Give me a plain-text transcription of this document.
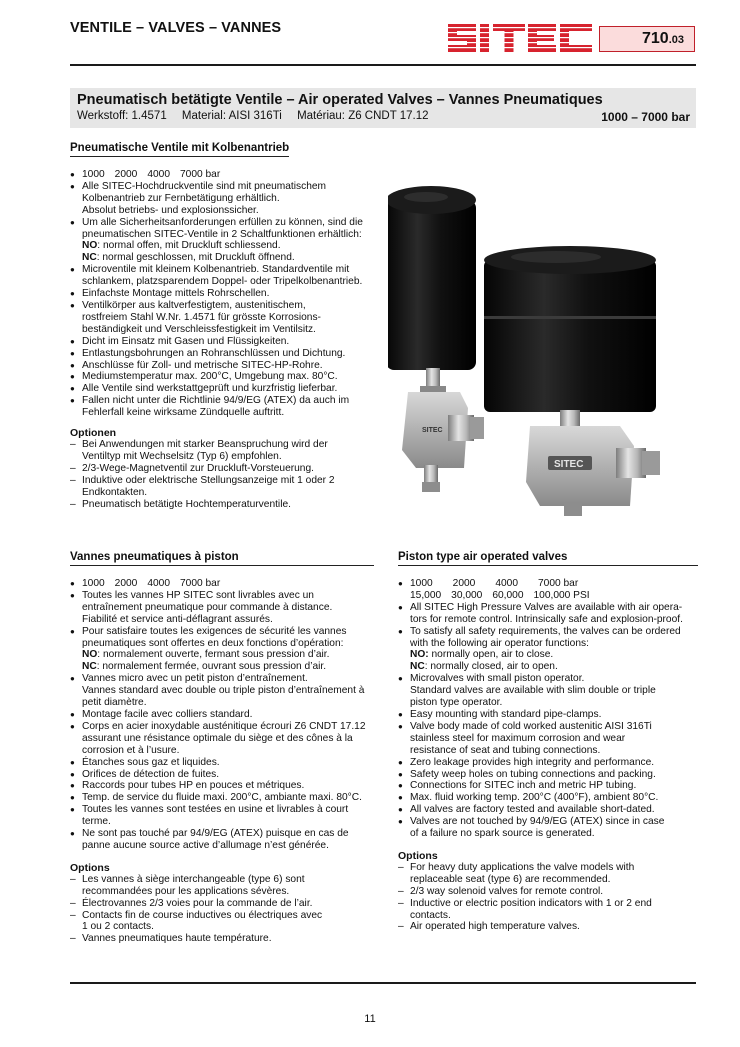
VENTILE – VALVES – VANNES
710.03
Pneumatisch betätigte Ventile – Air operated Valves – Vannes Pneumatiques
Werkstoff: 1.4571 Material: AISI 316Ti Matériau: Z6 CNDT 17.12	1000 – 7000 bar
Pneumatische Ventile mit Kolbenantrieb
● 1000 2000 4000 7000 bar
● Alle SITEC-Hochdruckventile sind mit pneumatischem
Kolbenantrieb zur Fernbetätigung erhältlich.
Absolut betriebs- und explosionssicher.
● Um alle Sicherheitsanforderungen erfüllen zu können, sind die
pneumatischen SITEC-Ventile in 2 Schaltfunktionen erhältlich:
NO: normal offen, mit Druckluft schliessend.
NC: normal geschlossen, mit Druckluft öffnend.
● Microventile mit kleinem Kolbenantrieb. Standardventile mit
schlankem, platzsparendem Doppel- oder Tripelkolbenantrieb.
● Einfachste Montage mittels Rohrschellen.
● Ventilkörper aus kaltverfestigtem, austenitischem,
rostfreiem Stahl W.Nr. 1.4571 für grösste Korrosions-
beständigkeit und Verschleissfestigkeit im Ventilsitz.
● Dicht im Einsatz mit Gasen und Flüssigkeiten.
● Entlastungsbohrungen an Rohranschlüssen und Dichtung.
● Anschlüsse für Zoll- und metrische SITEC-HP-Rohre.
● Mediumstemperatur max. 200°C, Umgebung max. 80°C.
● Alle Ventile sind werkstattgeprüft und kurzfristig lieferbar.
● Fallen nicht unter die Richtlinie 94/9/EG (ATEX) da auch im
Fehlerfall keine wirksame Zündquelle auftritt.
Optionen
– Bei Anwendungen mit starker Beanspruchung wird der
Ventiltyp mit Wechselsitz (Typ 6) empfohlen.
– 2/3-Wege-Magnetventil zur Druckluft-Vorsteuerung.
– Induktive oder elektrische Stellungsanzeige mit 1 oder 2
Endkontakten.
– Pneumatisch betätigte Hochtemperaturventile.
SITEC
SITEC
Vannes pneumatiques à piston
● 1000 2000 4000 7000 bar
● Toutes les vannes HP SITEC sont livrables avec un
entraînement pneumatique pour commande à distance.
Fiabilité et service anti-déflagrant assurés.
● Pour satisfaire toutes les exigences de sécurité les vannes
pneumatiques sont offertes en deux fonctions d’opération:
NO: normalement ouverte, fermant sous pression d’air.
NC: normalement fermée, ouvrant sous pression d’air.
● Vannes micro avec un petit piston d’entraînement.
Vannes standard avec double ou triple piston d’entraînement à
petit diamètre.
● Montage facile avec colliers standard.
● Corps en acier inoxydable austénitique écrouri Z6 CNDT 17.12
assurant une résistance optimale du siège et des cônes à la
corrosion et à l’usure.
● Étanches sous gaz et liquides.
● Orifices de détection de fuites.
● Raccords pour tubes HP en pouces et métriques.
● Temp. de service du fluide maxi. 200°C, ambiante maxi. 80°C.
● Toutes les vannes sont testées en usine et livrables à court
terme.
● Ne sont pas touché par 94/9/EG (ATEX) puisque en cas de
panne aucune source active d’allumage n’est générée.
Options
– Les vannes à siège interchangeable (type 6) sont
recommandées pour les applications sévères.
– Électrovannes 2/3 voies pour la commande de l’air.
– Contacts fin de course inductives ou électriques avec
1 ou 2 contacts.
– Vannes pneumatiques haute température.
Piston type air operated valves
● 1000 2000 4000 7000 bar
15,000 30,000 60,000 100,000 PSI
● All SITEC High Pressure Valves are available with air opera-
tors for remote control. Intrinsically safe and explosion-proof.
● To satisfy all safety requirements, the valves can be ordered
with the following air operator functions:
NO: normally open, air to close.
NC: normally closed, air to open.
● Microvalves with small piston operator.
Standard valves are available with slim double or triple
piston type operator.
● Easy mounting with standard pipe-clamps.
● Valve body made of cold worked austenitic AISI 316Ti
stainless steel for maximum corrosion and wear
resistance of seat and tubing connections.
● Zero leakage provides high integrity and performance.
● Safety weep holes on tubing connections and packing.
● Connections for SITEC inch and metric HP tubing.
● Max. fluid working temp. 200°C (400°F), ambient 80°C.
● All valves are factory tested and available short-dated.
● Valves are not touched by 94/9/EG (ATEX) since in case
of a failure no spark source is generated.
Options
– For heavy duty applications the valve models with
replaceable seat (type 6) are recommended.
– 2/3 way solenoid valves for remote control.
– Inductive or electric position indicators with 1 or 2 end
contacts.
– Air operated high temperature valves.
11
